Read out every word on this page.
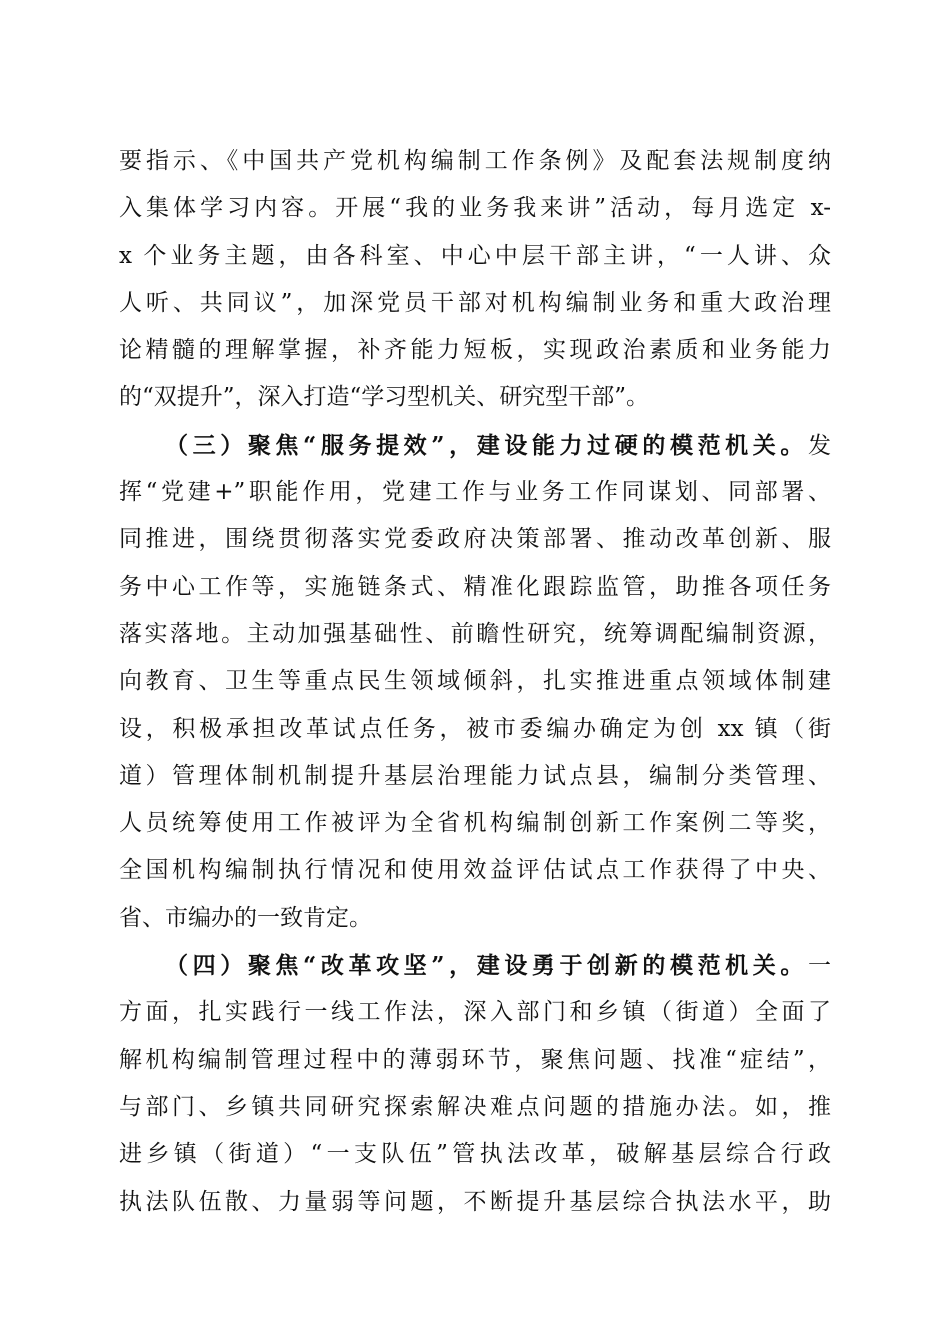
要指示、《中国共产党机构编制工作条例》及配套法规制度纳
入集体学习内容。开展“我的业务我来讲”活动，每月选定 x-
x 个业务主题，由各科室、中心中层干部主讲，“一人讲、众
人听、共同议”，加深党员干部对机构编制业务和重大政治理
论精髓的理解掌握，补齐能力短板，实现政治素质和业务能力
的“双提升”，深入打造“学习型机关、研究型干部”。
（三）聚焦“服务提效”，建设能力过硬的模范机关。发
挥“党建+”职能作用，党建工作与业务工作同谋划、同部署、
同推进，围绕贯彻落实党委政府决策部署、推动改革创新、服
务中心工作等，实施链条式、精准化跟踪监管，助推各项任务
落实落地。主动加强基础性、前瞻性研究，统筹调配编制资源，
向教育、卫生等重点民生领域倾斜，扎实推进重点领域体制建
设，积极承担改革试点任务，被市委编办确定为创 xx 镇（街
道）管理体制机制提升基层治理能力试点县，编制分类管理、
人员统筹使用工作被评为全省机构编制创新工作案例二等奖，
全国机构编制执行情况和使用效益评估试点工作获得了中央、
省、市编办的一致肯定。
（四）聚焦“改革攻坚”，建设勇于创新的模范机关。一
方面，扎实践行一线工作法，深入部门和乡镇（街道）全面了
解机构编制管理过程中的薄弱环节，聚焦问题、找准“症结”，
与部门、乡镇共同研究探索解决难点问题的措施办法。如，推
进乡镇（街道）“一支队伍”管执法改革，破解基层综合行政
执法队伍散、力量弱等问题，不断提升基层综合执法水平，助
